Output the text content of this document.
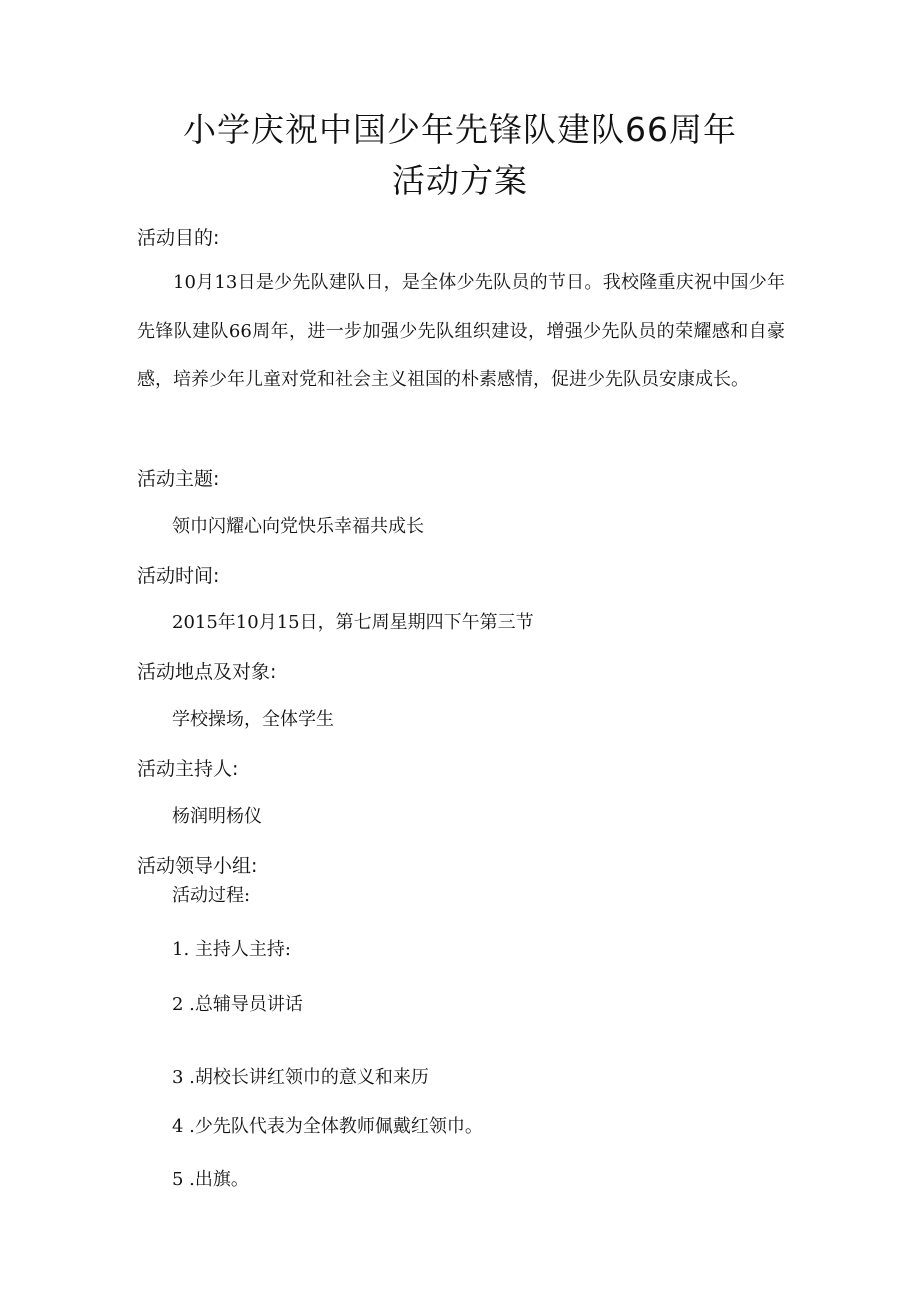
小学庆祝中国少年先锋队建队66周年
活动方案

活动目的:

10月13日是少先队建队日，是全体少先队员的节日。我校隆重庆祝中国少年先锋队建队66周年，进一步加强少先队组织建设，增强少先队员的荣耀感和自豪感，培养少年儿童对党和社会主义祖国的朴素感情，促进少先队员安康成长。

活动主题:

领巾闪耀心向党快乐幸福共成长

活动时间:

2015年10月15日，第七周星期四下午第三节

活动地点及对象:

学校操场，全体学生

活动主持人:

杨润明杨仪

活动领导小组:

活动过程:

1. 主持人主持:

2 .总辅导员讲话

3 .胡校长讲红领巾的意义和来历

4 .少先队代表为全体教师佩戴红领巾。

5 .出旗。
